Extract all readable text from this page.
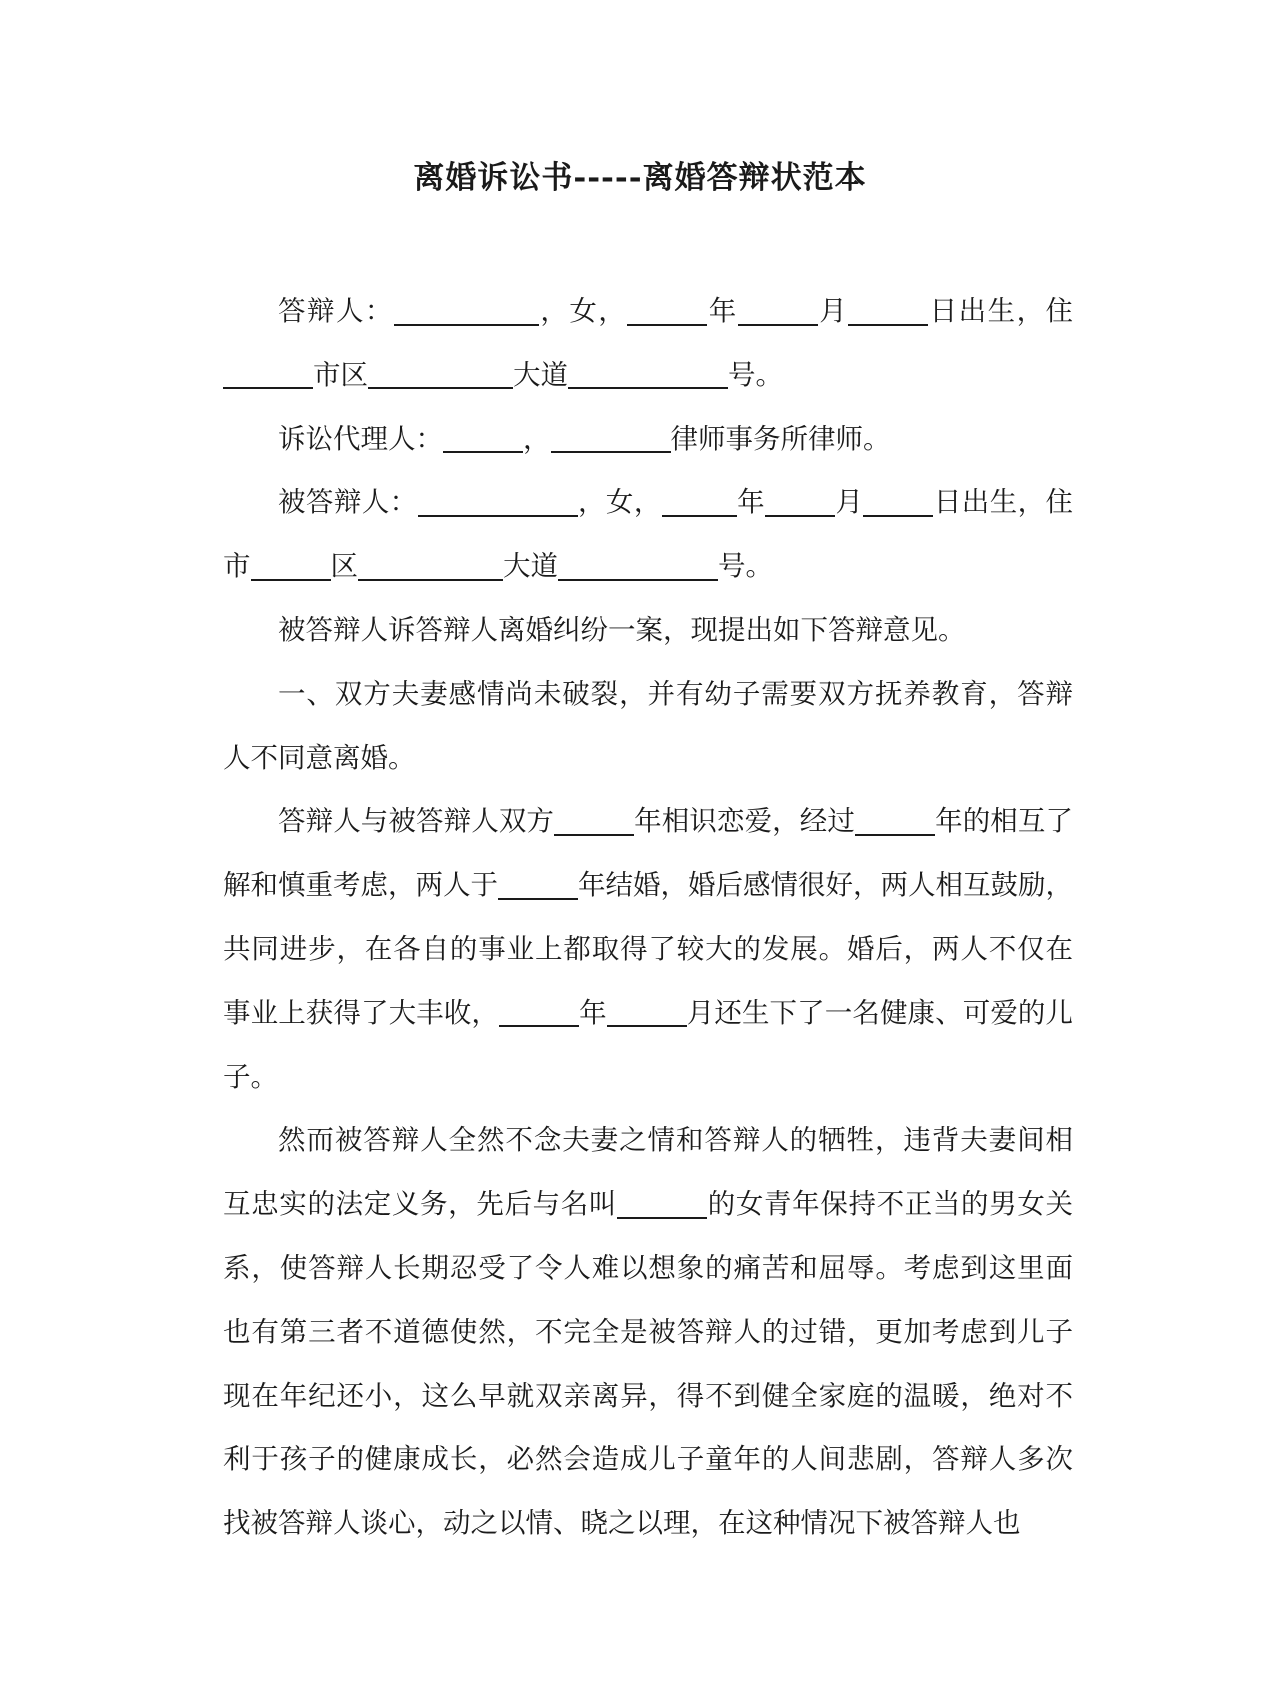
离婚诉讼书-----离婚答辩状范本

答辩人：	，女，	年	月	日出生，住市区	大道	号。

诉讼代理人：	，	律师事务所律师。

被答辩人：	，女，	年	月	日出生，住市	区	大道	号。

被答辩人诉答辩人离婚纠纷一案，现提出如下答辩意见。

一、双方夫妻感情尚未破裂，并有幼子需要双方抚养教育，答辩人不同意离婚。

答辩人与被答辩人双方	年相识恋爱，经过	年的相互了解和慎重考虑，两人于	年结婚，婚后感情很好，两人相互鼓励，共同进步，在各自的事业上都取得了较大的发展。婚后，两人不仅在事业上获得了大丰收，	年	月还生下了一名健康、可爱的儿子。

然而被答辩人全然不念夫妻之情和答辩人的牺牲，违背夫妻间相互忠实的法定义务，先后与名叫	的女青年保持不正当的男女关系，使答辩人长期忍受了令人难以想象的痛苦和屈辱。考虑到这里面也有第三者不道德使然，不完全是被答辩人的过错，更加考虑到儿子现在年纪还小，这么早就双亲离异，得不到健全家庭的温暖，绝对不利于孩子的健康成长，必然会造成儿子童年的人间悲剧，答辩人多次找被答辩人谈心，动之以情、晓之以理，在这种情况下被答辩人也
